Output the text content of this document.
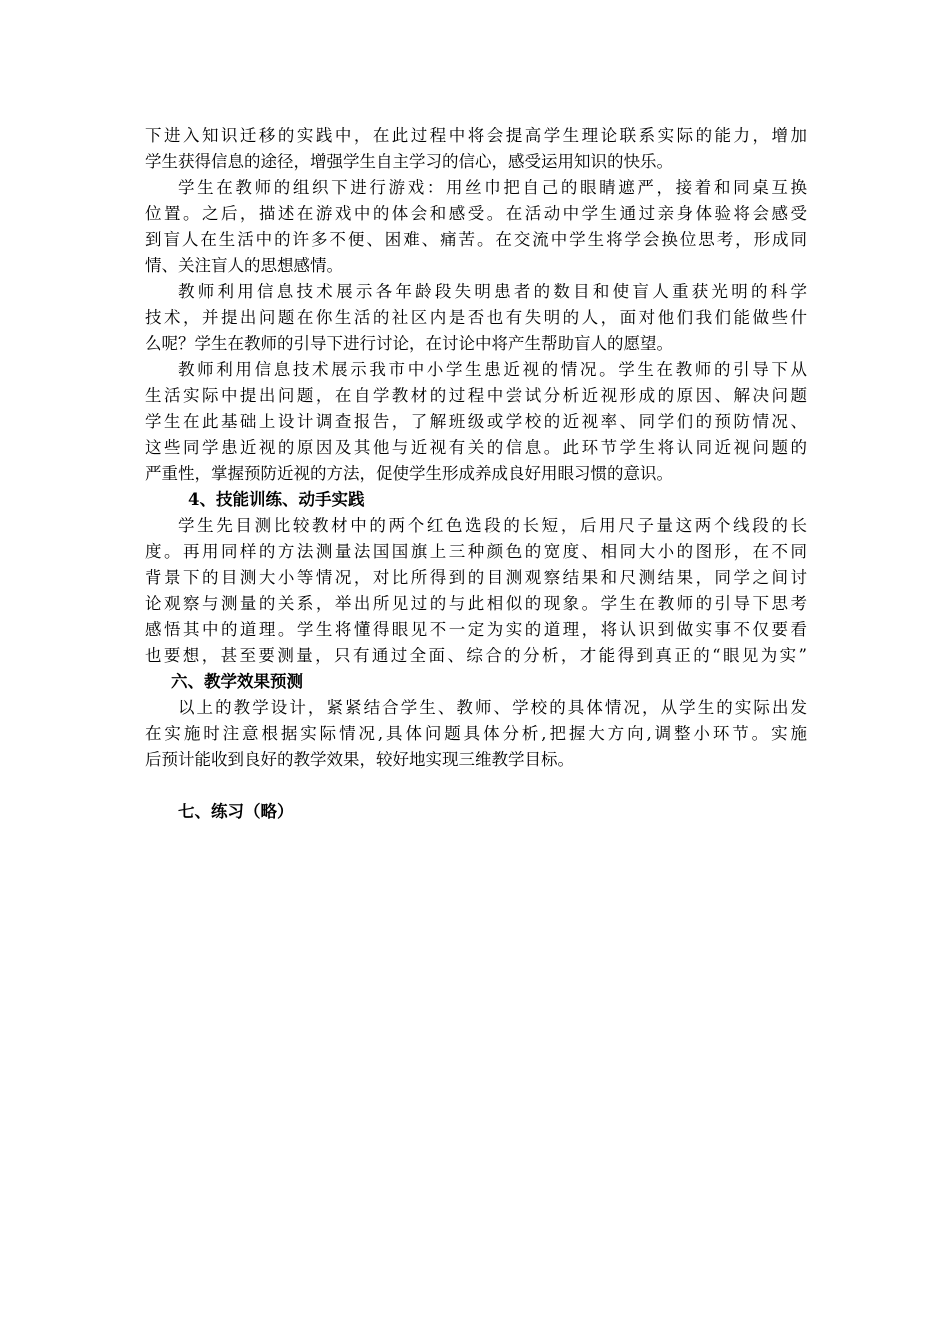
下进入知识迁移的实践中，在此过程中将会提高学生理论联系实际的能力，增加
学生获得信息的途径，增强学生自主学习的信心，感受运用知识的快乐。
学生在教师的组织下进行游戏：用丝巾把自己的眼睛遮严，接着和同桌互换
位置。之后，描述在游戏中的体会和感受。在活动中学生通过亲身体验将会感受
到盲人在生活中的许多不便、困难、痛苦。在交流中学生将学会换位思考，形成同
情、关注盲人的思想感情。
教师利用信息技术展示各年龄段失明患者的数目和使盲人重获光明的科学
技术，并提出问题在你生活的社区内是否也有失明的人，面对他们我们能做些什
么呢？学生在教师的引导下进行讨论，在讨论中将产生帮助盲人的愿望。
教师利用信息技术展示我市中小学生患近视的情况。学生在教师的引导下从
生活实际中提出问题，在自学教材的过程中尝试分析近视形成的原因、解决问题
学生在此基础上设计调查报告，了解班级或学校的近视率、同学们的预防情况、
这些同学患近视的原因及其他与近视有关的信息。此环节学生将认同近视问题的
严重性，掌握预防近视的方法，促使学生形成养成良好用眼习惯的意识。
4、技能训练、动手实践
学生先目测比较教材中的两个红色选段的长短，后用尺子量这两个线段的长
度。再用同样的方法测量法国国旗上三种颜色的宽度、相同大小的图形，在不同
背景下的目测大小等情况，对比所得到的目测观察结果和尺测结果，同学之间讨
论观察与测量的关系，举出所见过的与此相似的现象。学生在教师的引导下思考
感悟其中的道理。学生将懂得眼见不一定为实的道理，将认识到做实事不仅要看
也要想，甚至要测量，只有通过全面、综合的分析，才能得到真正的“眼见为实”
六、教学效果预测
以上的教学设计，紧紧结合学生、教师、学校的具体情况，从学生的实际出发
在实施时注意根据实际情况,具体问题具体分析,把握大方向,调整小环节。实施
后预计能收到良好的教学效果，较好地实现三维教学目标。
七、练习（略）
